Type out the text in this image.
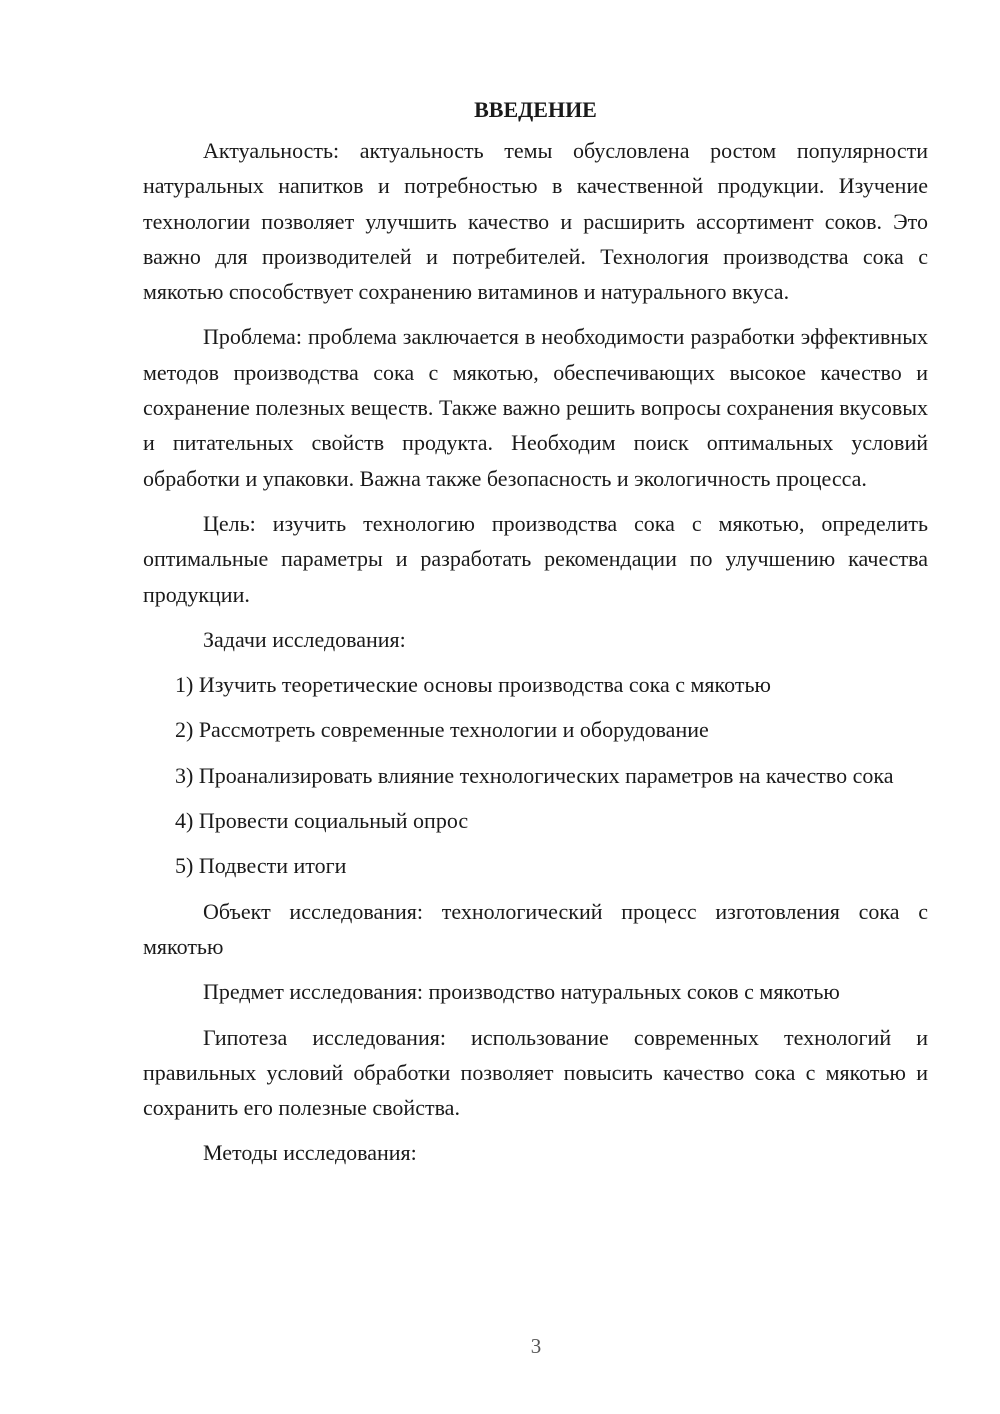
ВВЕДЕНИЕ

Актуальность: актуальность темы обусловлена ростом популярности натуральных напитков и потребностью в качественной продукции. Изучение технологии позволяет улучшить качество и расширить ассортимент соков. Это важно для производителей и потребителей. Технология производства сока с мякотью способствует сохранению витаминов и натурального вкуса.

Проблема: проблема заключается в необходимости разработки эффективных методов производства сока с мякотью, обеспечивающих высокое качество и сохранение полезных веществ. Также важно решить вопросы сохранения вкусовых и питательных свойств продукта. Необходим поиск оптимальных условий обработки и упаковки. Важна также безопасность и экологичность процесса.

Цель: изучить технологию производства сока с мякотью, определить оптимальные параметры и разработать рекомендации по улучшению качества продукции.

Задачи исследования:

1) Изучить теоретические основы производства сока с мякотью

2) Рассмотреть современные технологии и оборудование

3) Проанализировать влияние технологических параметров на качество сока

4) Провести социальный опрос

5) Подвести итоги

Объект исследования: технологический процесс изготовления сока с мякотью

Предмет исследования: производство натуральных соков с мякотью

Гипотеза исследования: использование современных технологий и правильных условий обработки позволяет повысить качество сока с мякотью и сохранить его полезные свойства.

Методы исследования:

3
